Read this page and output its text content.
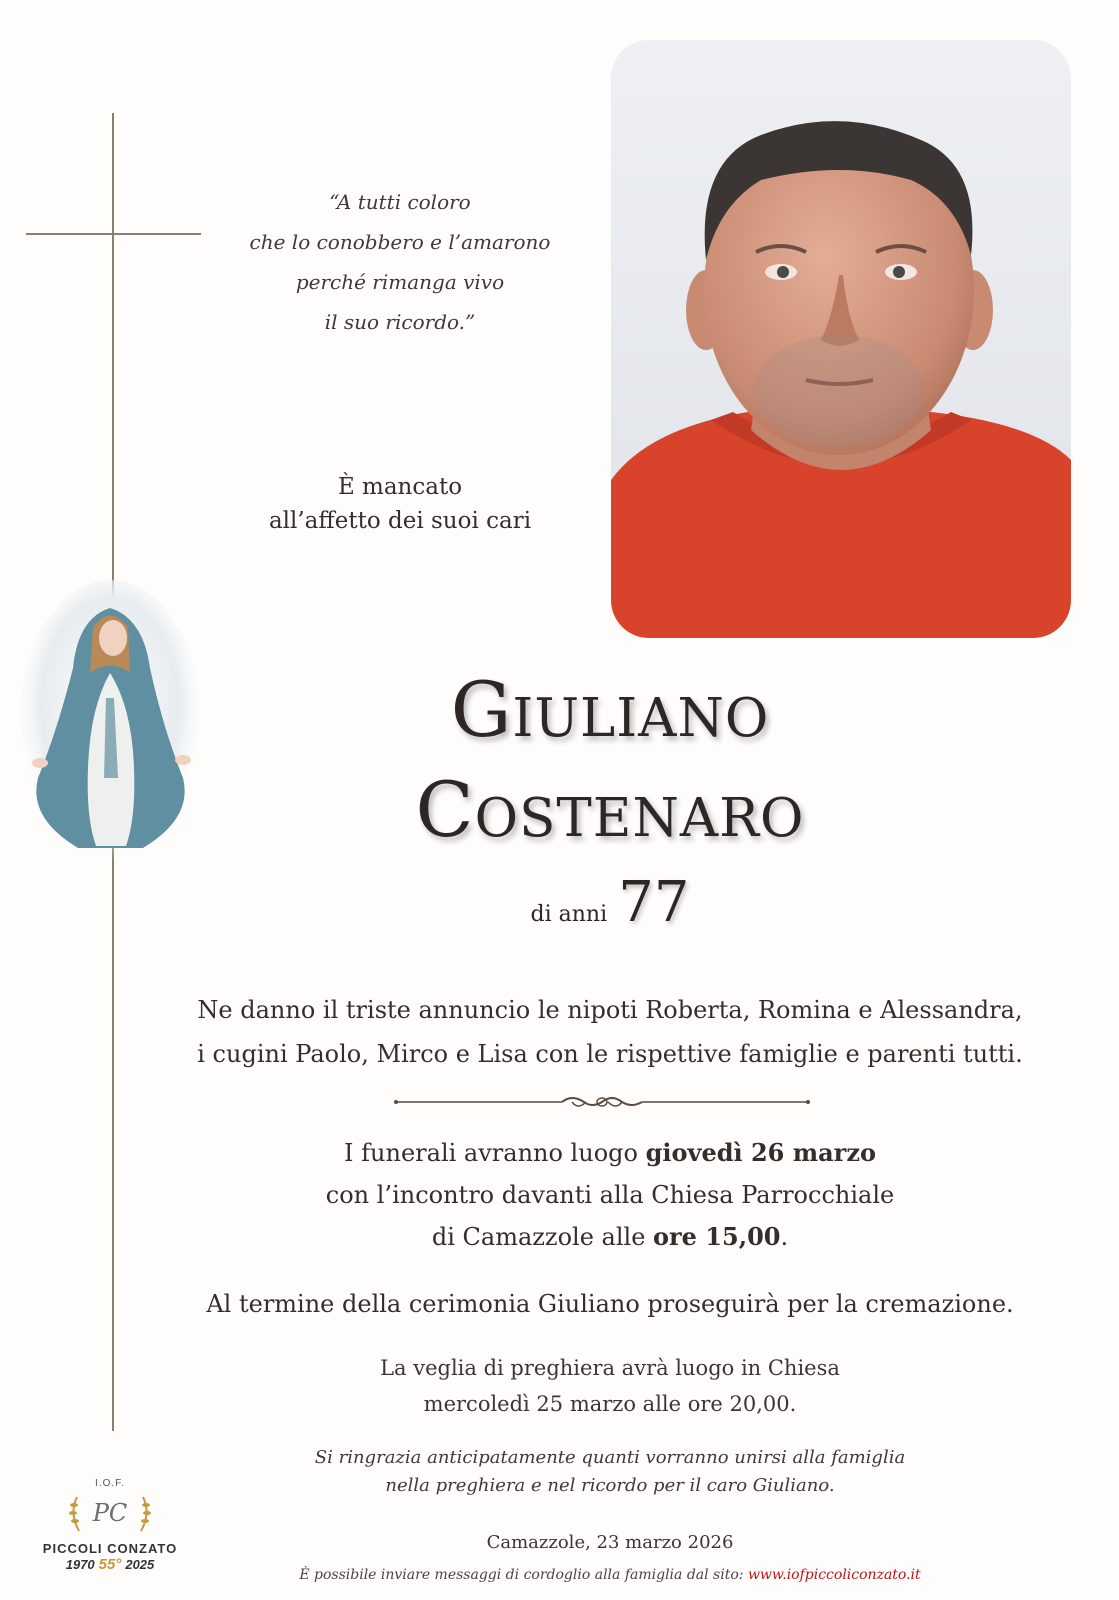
“A tutti coloro
che lo conobbero e l’amarono
perché rimanga vivo
il suo ricordo.”
È mancato
all’affetto dei suoi cari
Giuliano
Costenaro
di anni 77
Ne danno il triste annuncio le nipoti Roberta, Romina e Alessandra,
i cugini Paolo, Mirco e Lisa con le rispettive famiglie e parenti tutti.
I funerali avranno luogo giovedì 26 marzo
con l’incontro davanti alla Chiesa Parrocchiale
di Camazzole alle ore 15,00.
Al termine della cerimonia Giuliano proseguirà per la cremazione.
La veglia di preghiera avrà luogo in Chiesa
mercoledì 25 marzo alle ore 20,00.
Si ringrazia anticipatamente quanti vorranno unirsi alla famiglia
nella preghiera e nel ricordo per il caro Giuliano.
Camazzole, 23 marzo 2026
È possibile inviare messaggi di cordoglio alla famiglia dal sito: www.iofpiccoliconzato.it
I.O.F.
PC
PICCOLI CONZATO
1970 55° 2025
